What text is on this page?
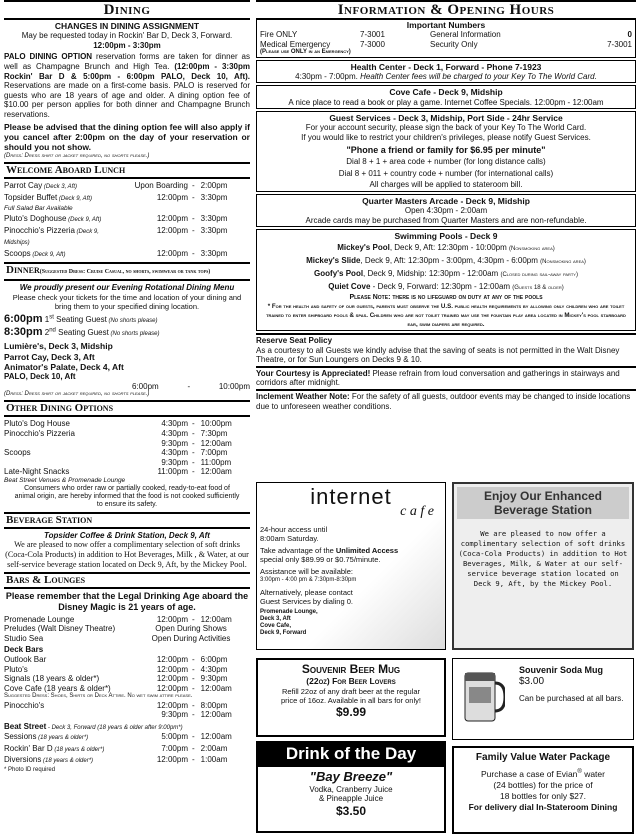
Dining
CHANGES IN DINING ASSIGNMENT
May be requested today in Rockin' Bar D, Deck 3, Forward.
12:00pm - 3:30pm
PALO DINING OPTION reservation forms are taken for dinner as well as Champagne Brunch and High Tea. (12:00pm - 3:30pm Rockin' Bar D & 5:00pm - 6:00pm PALO, Deck 10, Aft). Reservations are made on a first-come basis. PALO is reserved for guests who are 18 years of age and older. A dining option fee of $10.00 per person applies for both dinner and Champagne Brunch reservations.
Please be advised that the dining option fee will also apply if you cancel after 2:00pm on the day of your reservation or should you not show.
(Dress: Dress shirt or jacket required, no shorts please.)
Welcome Aboard Lunch
Parrot Cay (Deck 3, Aft)	Upon Boarding - 2:00pm
Topsider Buffet (Deck 9, Aft)	12:00pm - 3:30pm
Full Salad Bar Available
Pluto's Doghouse (Deck 9, Aft)	12:00pm - 3:30pm
Pinocchio's Pizzeria (Deck 9, Midships)
12:00pm - 3:30pm
Scoops (Deck 9, Aft)	12:00pm - 3:30pm
Dinner(Suggested Dress: Cruise Casual, no shorts, swimwear or tank tops)
We proudly present our Evening Rotational Dining Menu
Please check your tickets for the time and location of your dining and bring them to your specified dining location.
6:00pm 1st Seating Guest (No shorts please)
8:30pm 2nd Seating Guest (No shorts please)
Lumière's, Deck 3, Midship
Parrot Cay, Deck 3, Aft
Animator's Palate, Deck 4, Aft
PALO, Deck 10, Aft
6:00pm	-	10:00pm
(Dress: Dress shirt or jacket required, no shorts please.)
Other Dining Options
Pluto's Dog House	4:30pm - 10:00pm
Pinocchio's Pizzeria	4:30pm - 7:30pm
9:30pm - 12:00am
Scoops	4:30pm - 7:00pm
9:30pm - 11:00pm
Late-Night Snacks	11:00pm - 12:00am
Beat Street Venues & Promenade Lounge
Consumers who order raw or partially cooked, ready-to-eat food of animal origin, are hereby informed that the food is not cooked sufficiently to ensure its safety.
Beverage Station
Topsider Coffee & Drink Station, Deck 9, Aft
We are pleased to now offer a complimentary selection of soft drinks (Coca-Cola Products) in addition to Hot Beverages, Milk , & Water, at our self-service beverage station located on Deck 9, Aft, by the Mickey Pool.
Bars & Lounges
Please remember that the Legal Drinking Age aboard the Disney Magic is 21 years of age.
Promenade Lounge	12:00pm - 12:00am
Preludes (Walt Disney Theatre)	Open During Shows
Studio Sea	Open During Activities
Deck Bars
Outlook Bar	12:00pm - 6:00pm
Pluto's	12:00pm - 4:30pm
Signals (18 years & older*)	12:00pm - 9:30pm
Cove Cafe (18 years & older*)	12:00pm - 12:00am
Suggested Dress: Shoes, Shirts or Deck Attire. No wet swim attire please.
Pinocchio's	12:00pm - 8:00pm
9:30pm - 12:00am
Beat Street - Deck 3, Forward (18 years & older after 9:00pm*)
Sessions (18 years & older*)	5:00pm - 12:00am
Rockin' Bar D (18 years & older*)	7:00pm - 2:00am
Diversions (18 years & older*)	12:00pm - 1:00am
* Photo ID required
Information & Opening Hours
Important Numbers
Fire ONLY	7-3001	General Information	0
Medical Emergency	7-3000	Security Only	7-3001
(Please use ONLY in an Emergency)
Health Center - Deck 1, Forward - Phone 7-1923
4:30pm - 7:00pm. Health Center fees will be charged to your Key To The World Card.
Cove Cafe - Deck 9, Midship
A nice place to read a book or play a game. Internet Coffee Specials. 12:00pm - 12:00am
Guest Services - Deck 3, Midship, Port Side - 24hr Service
For your account security, please sign the back of your Key To The World Card.
If you would like to restrict your children's privileges, please notify Guest Services.
"Phone a friend or family for $6.95 per minute"
Dial 8 + 1 + area code + number (for long distance calls)
Dial 8 + 011 + country code + number (for international calls)
All charges will be applied to stateroom bill.
Quarter Masters Arcade - Deck 9, Midship
Open 4:30pm - 2:00am
Arcade cards may be purchased from Quarter Masters and are non-refundable.
Swimming Pools - Deck 9
Mickey's Pool, Deck 9, Aft: 12:30pm - 10:00pm (Nonsmoking area)
Mickey's Slide, Deck 9, Aft: 12:30pm - 3:00pm, 4:30pm - 6:00pm (Nonsmoking area)
Goofy's Pool, Deck 9, Midship: 12:30pm - 12:00am (Closed during sail-away party)
Quiet Cove - Deck 9, Forward: 12:30pm - 12:00am (Guests 18 & older)
Please Note: there is no lifeguard on duty at any of the pools
* For the health and safety of our guests, parents must observe the U.S. public health requirements by allowing only children who are toilet trained to enter shipboard pools & spas. Children who are not toilet trained may use the fountain play area located in Mickey's pool starboard ear, swim diapers are required.
Reserve Seat Policy
As a courtesy to all Guests we kindly advise that the saving of seats is not permitted in the Walt Disney Theatre, or for Sun Loungers on Decks 9 & 10.
Your Courtesy is Appreciated! Please refrain from loud conversation and gatherings in stairways and corridors after midnight.
Inclement Weather Note: For the safety of all guests, outdoor events may be changed to inside locations due to unforeseen weather conditions.
internet
c a f e
24-hour access until
8:00am Saturday.
Take advantage of the Unlimited Access
special only $89.99 or $0.75/minute.
Assistance will be available:
3:00pm - 4:00 pm & 7:30pm-8:30pm
Alternatively, please contact
Guest Services by dialing 0.
Promenade Lounge,
Deck 3, Aft
Cove Cafe,
Deck 9, Forward
Enjoy Our Enhanced
Beverage Station
We are pleased to now offer a complimentary selection of soft drinks (Coca-Cola Products) in addition to Hot Beverages, Milk, & Water at our self-service beverage station located on Deck 9, Aft, by the Mickey Pool.
Souvenir Beer Mug
(22oz) For Beer Lovers
Refill 22oz of any draft beer at the regular
price of 16oz. Available in all bars for only!
$9.99
Drink of the Day
"Bay Breeze"
Vodka, Cranberry Juice
& Pineapple Juice
$3.50
Souvenir Soda Mug
$3.00
Can be purchased at all bars.
Family Value Water Package
Purchase a case of Evian® water
(24 bottles) for the price of
18 bottles for only $27.
For delivery dial In-Stateroom Dining
